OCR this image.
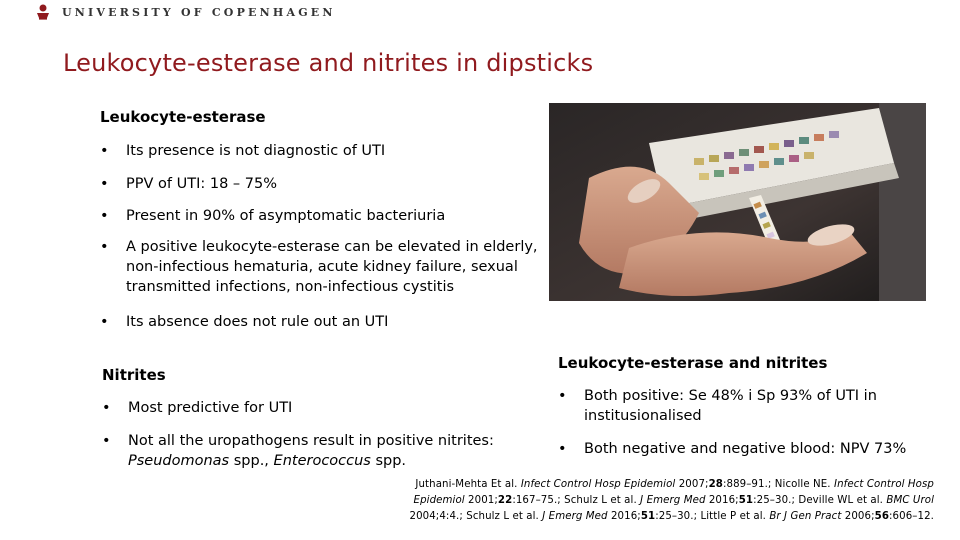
UNIVERSITY OF COPENHAGEN
Leukocyte-esterase and nitrites in dipsticks
Leukocyte-esterase
• Its presence is not diagnostic of UTI
• PPV of UTI: 18 – 75%
• Present in 90% of asymptomatic bacteriuria
• A positive leukocyte-esterase can be elevated in elderly, non-infectious hematuria, acute kidney failure, sexual transmitted infections, non-infectious cystitis
• Its absence does not rule out an UTI
Nitrites
• Most predictive for UTI
• Not all the uropathogens result in positive nitrites: Pseudomonas spp., Enterococcus spp.
Leukocyte-esterase and nitrites
• Both positive: Se 48% i Sp 93% of UTI in institusionalised
• Both negative and negative blood: NPV 73%
Juthani-Mehta Et al. Infect Control Hosp Epidemiol 2007;28:889–91.; Nicolle NE. Infect Control Hosp Epidemiol 2001;22:167–75.; Schulz L et al. J Emerg Med 2016;51:25–30.; Deville WL et al. BMC Urol 2004;4:4.; Schulz L et al. J Emerg Med 2016;51:25–30.; Little P et al. Br J Gen Pract 2006;56:606–12.
